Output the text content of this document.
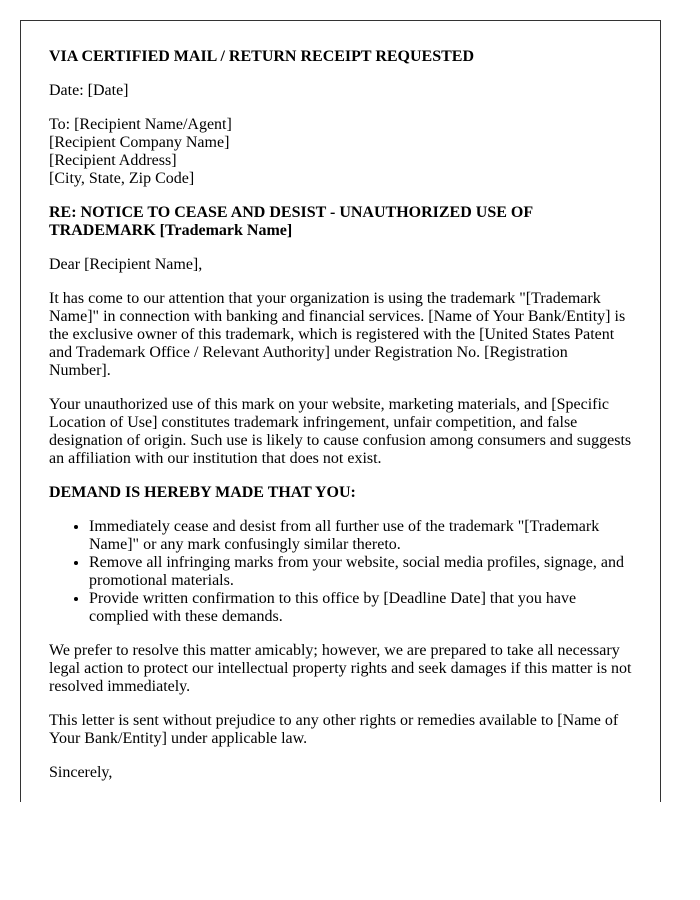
VIA CERTIFIED MAIL / RETURN RECEIPT REQUESTED

Date: [Date]

To: [Recipient Name/Agent]
[Recipient Company Name]
[Recipient Address]
[City, State, Zip Code]

RE: NOTICE TO CEASE AND DESIST - UNAUTHORIZED USE OF TRADEMARK [Trademark Name]

Dear [Recipient Name],

It has come to our attention that your organization is using the trademark "[Trademark Name]" in connection with banking and financial services. [Name of Your Bank/Entity] is the exclusive owner of this trademark, which is registered with the [United States Patent and Trademark Office / Relevant Authority] under Registration No. [Registration Number].

Your unauthorized use of this mark on your website, marketing materials, and [Specific Location of Use] constitutes trademark infringement, unfair competition, and false designation of origin. Such use is likely to cause confusion among consumers and suggests an affiliation with our institution that does not exist.

DEMAND IS HEREBY MADE THAT YOU:

• Immediately cease and desist from all further use of the trademark "[Trademark Name]" or any mark confusingly similar thereto.
• Remove all infringing marks from your website, social media profiles, signage, and promotional materials.
• Provide written confirmation to this office by [Deadline Date] that you have complied with these demands.

We prefer to resolve this matter amicably; however, we are prepared to take all necessary legal action to protect our intellectual property rights and seek damages if this matter is not resolved immediately.

This letter is sent without prejudice to any other rights or remedies available to [Name of Your Bank/Entity] under applicable law.

Sincerely,
